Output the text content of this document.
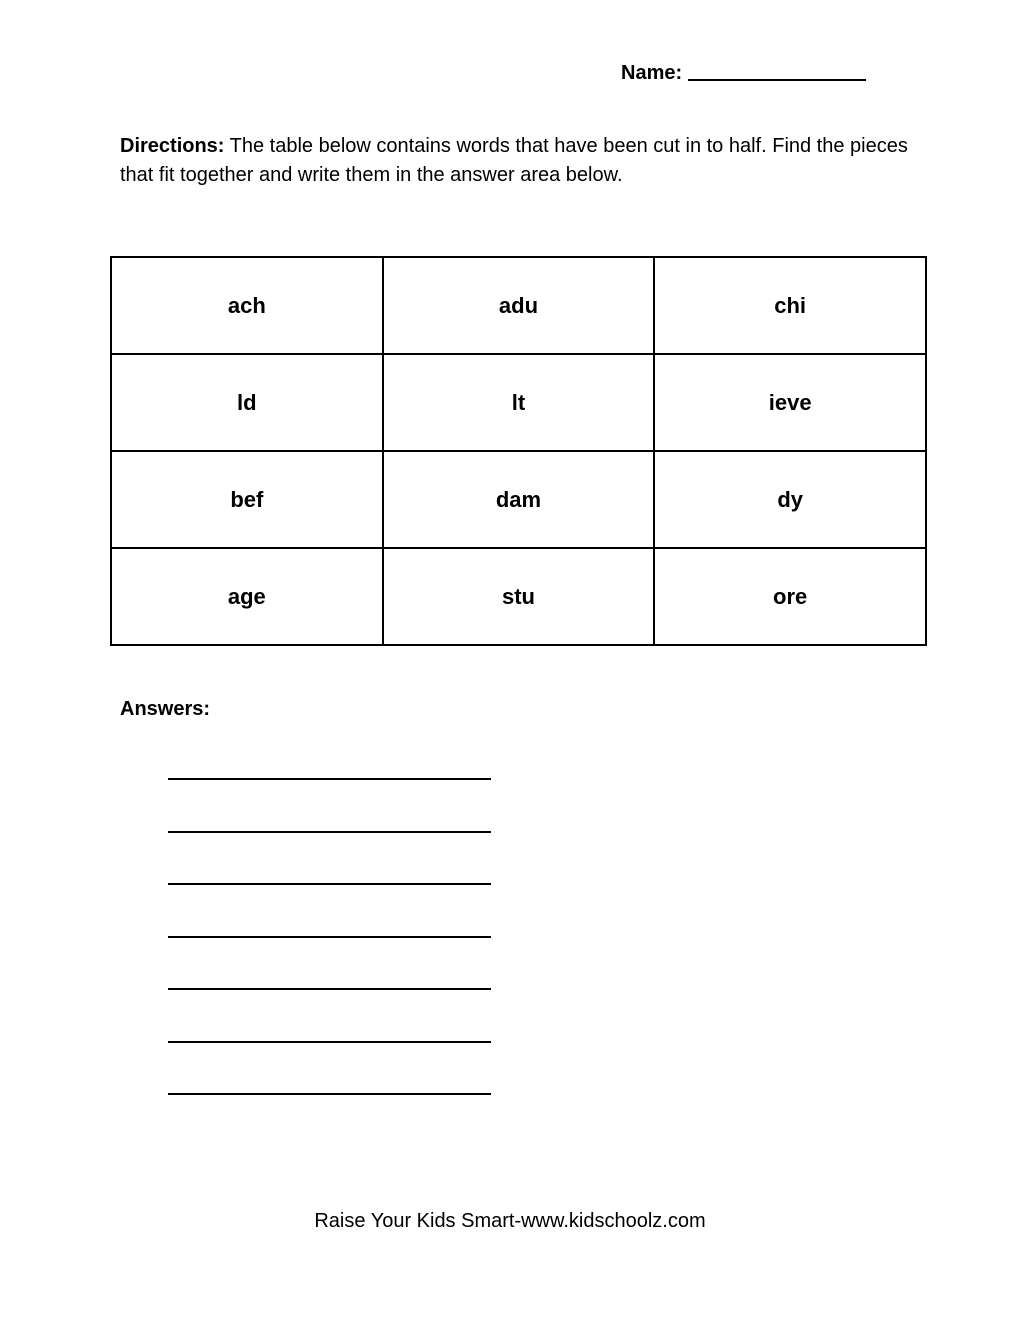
Name:
Directions: The table below contains words that have been cut in to half. Find the pieces that fit together and write them in the answer area below.
ach	adu	chi
ld	lt	ieve
bef	dam	dy
age	stu	ore
Answers:
Raise Your Kids Smart-www.kidschoolz.com
